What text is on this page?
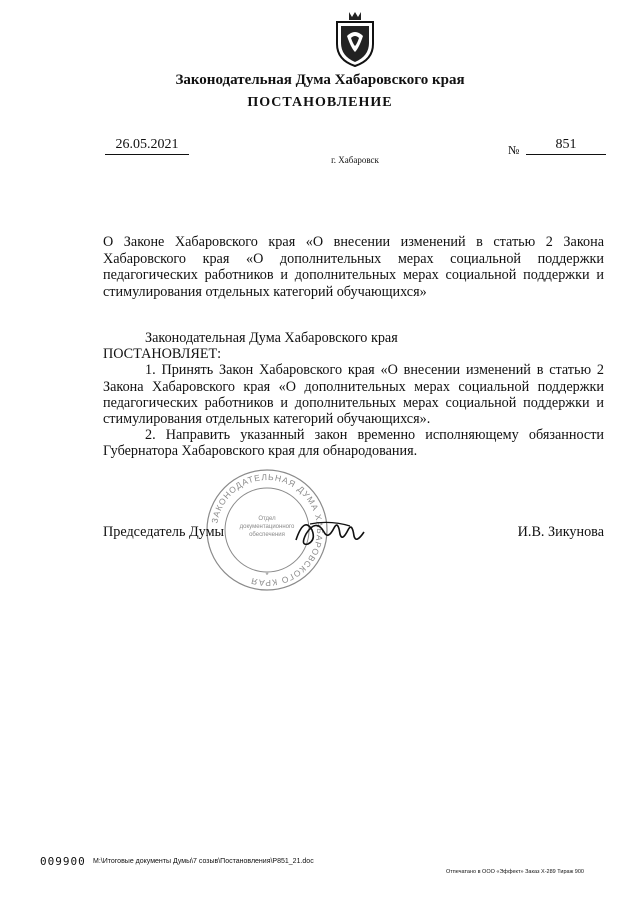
Законодательная Дума Хабаровского края
ПОСТАНОВЛЕНИЕ
26.05.2021	№	851
г. Хабаровск
О Законе Хабаровского края «О внесении изменений в статью 2 Закона Хабаровского края «О дополнительных мерах социальной поддержки педагогических работников и дополнительных мерах социальной поддержки и стимулирования отдельных категорий обучающихся»

Законодательная Дума Хабаровского края

ПОСТАНОВЛЯЕТ:

1. Принять Закон Хабаровского края «О внесении изменений в статью 2 Закона Хабаровского края «О дополнительных мерах социальной поддержки педагогических работников и дополнительных мерах социальной поддержки и стимулирования отдельных категорий обучающихся».

2. Направить указанный закон временно исполняющему обязанности Губернатора Хабаровского края для обнародования.

ЗАКОНОДАТЕЛЬНАЯ ДУМА ХАБАРОВСКОГО КРАЯ
Отдел
документационного
обеспечения
*
Председатель Думы	И.В. Зикунова
009900 М:\Итоговые документы Думы\7 созыв\Постановления\Р851_21.doc
Отпечатано в ООО «Эффект» Заказ Х-289 Тираж 900
